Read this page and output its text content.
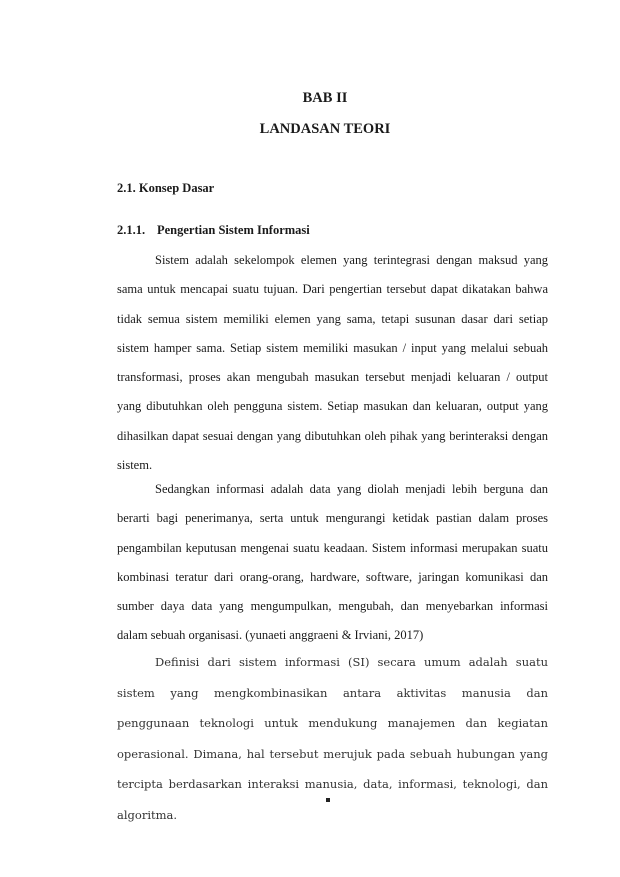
BAB II
LANDASAN TEORI
2.1. Konsep Dasar
2.1.1. Pengertian Sistem Informasi

Sistem adalah sekelompok elemen yang terintegrasi dengan maksud yang sama untuk mencapai suatu tujuan. Dari pengertian tersebut dapat dikatakan bahwa tidak semua sistem memiliki elemen yang sama, tetapi susunan dasar dari setiap sistem hamper sama. Setiap sistem memiliki masukan / input yang melalui sebuah transformasi, proses akan mengubah masukan tersebut menjadi keluaran / output yang dibutuhkan oleh pengguna sistem. Setiap masukan dan keluaran, output yang dihasilkan dapat sesuai dengan yang dibutuhkan oleh pihak yang berinteraksi dengan sistem.

Sedangkan informasi adalah data yang diolah menjadi lebih berguna dan berarti bagi penerimanya, serta untuk mengurangi ketidak pastian dalam proses pengambilan keputusan mengenai suatu keadaan. Sistem informasi merupakan suatu kombinasi teratur dari orang-orang, hardware, software, jaringan komunikasi dan sumber daya data yang mengumpulkan, mengubah, dan menyebarkan informasi dalam sebuah organisasi. (yunaeti anggraeni & Irviani, 2017)

Definisi dari sistem informasi (SI) secara umum adalah suatu sistem yang mengkombinasikan antara aktivitas manusia dan penggunaan teknologi untuk mendukung manajemen dan kegiatan operasional. Dimana, hal tersebut merujuk pada sebuah hubungan yang tercipta berdasarkan interaksi manusia, data, informasi, teknologi, dan algoritma.
